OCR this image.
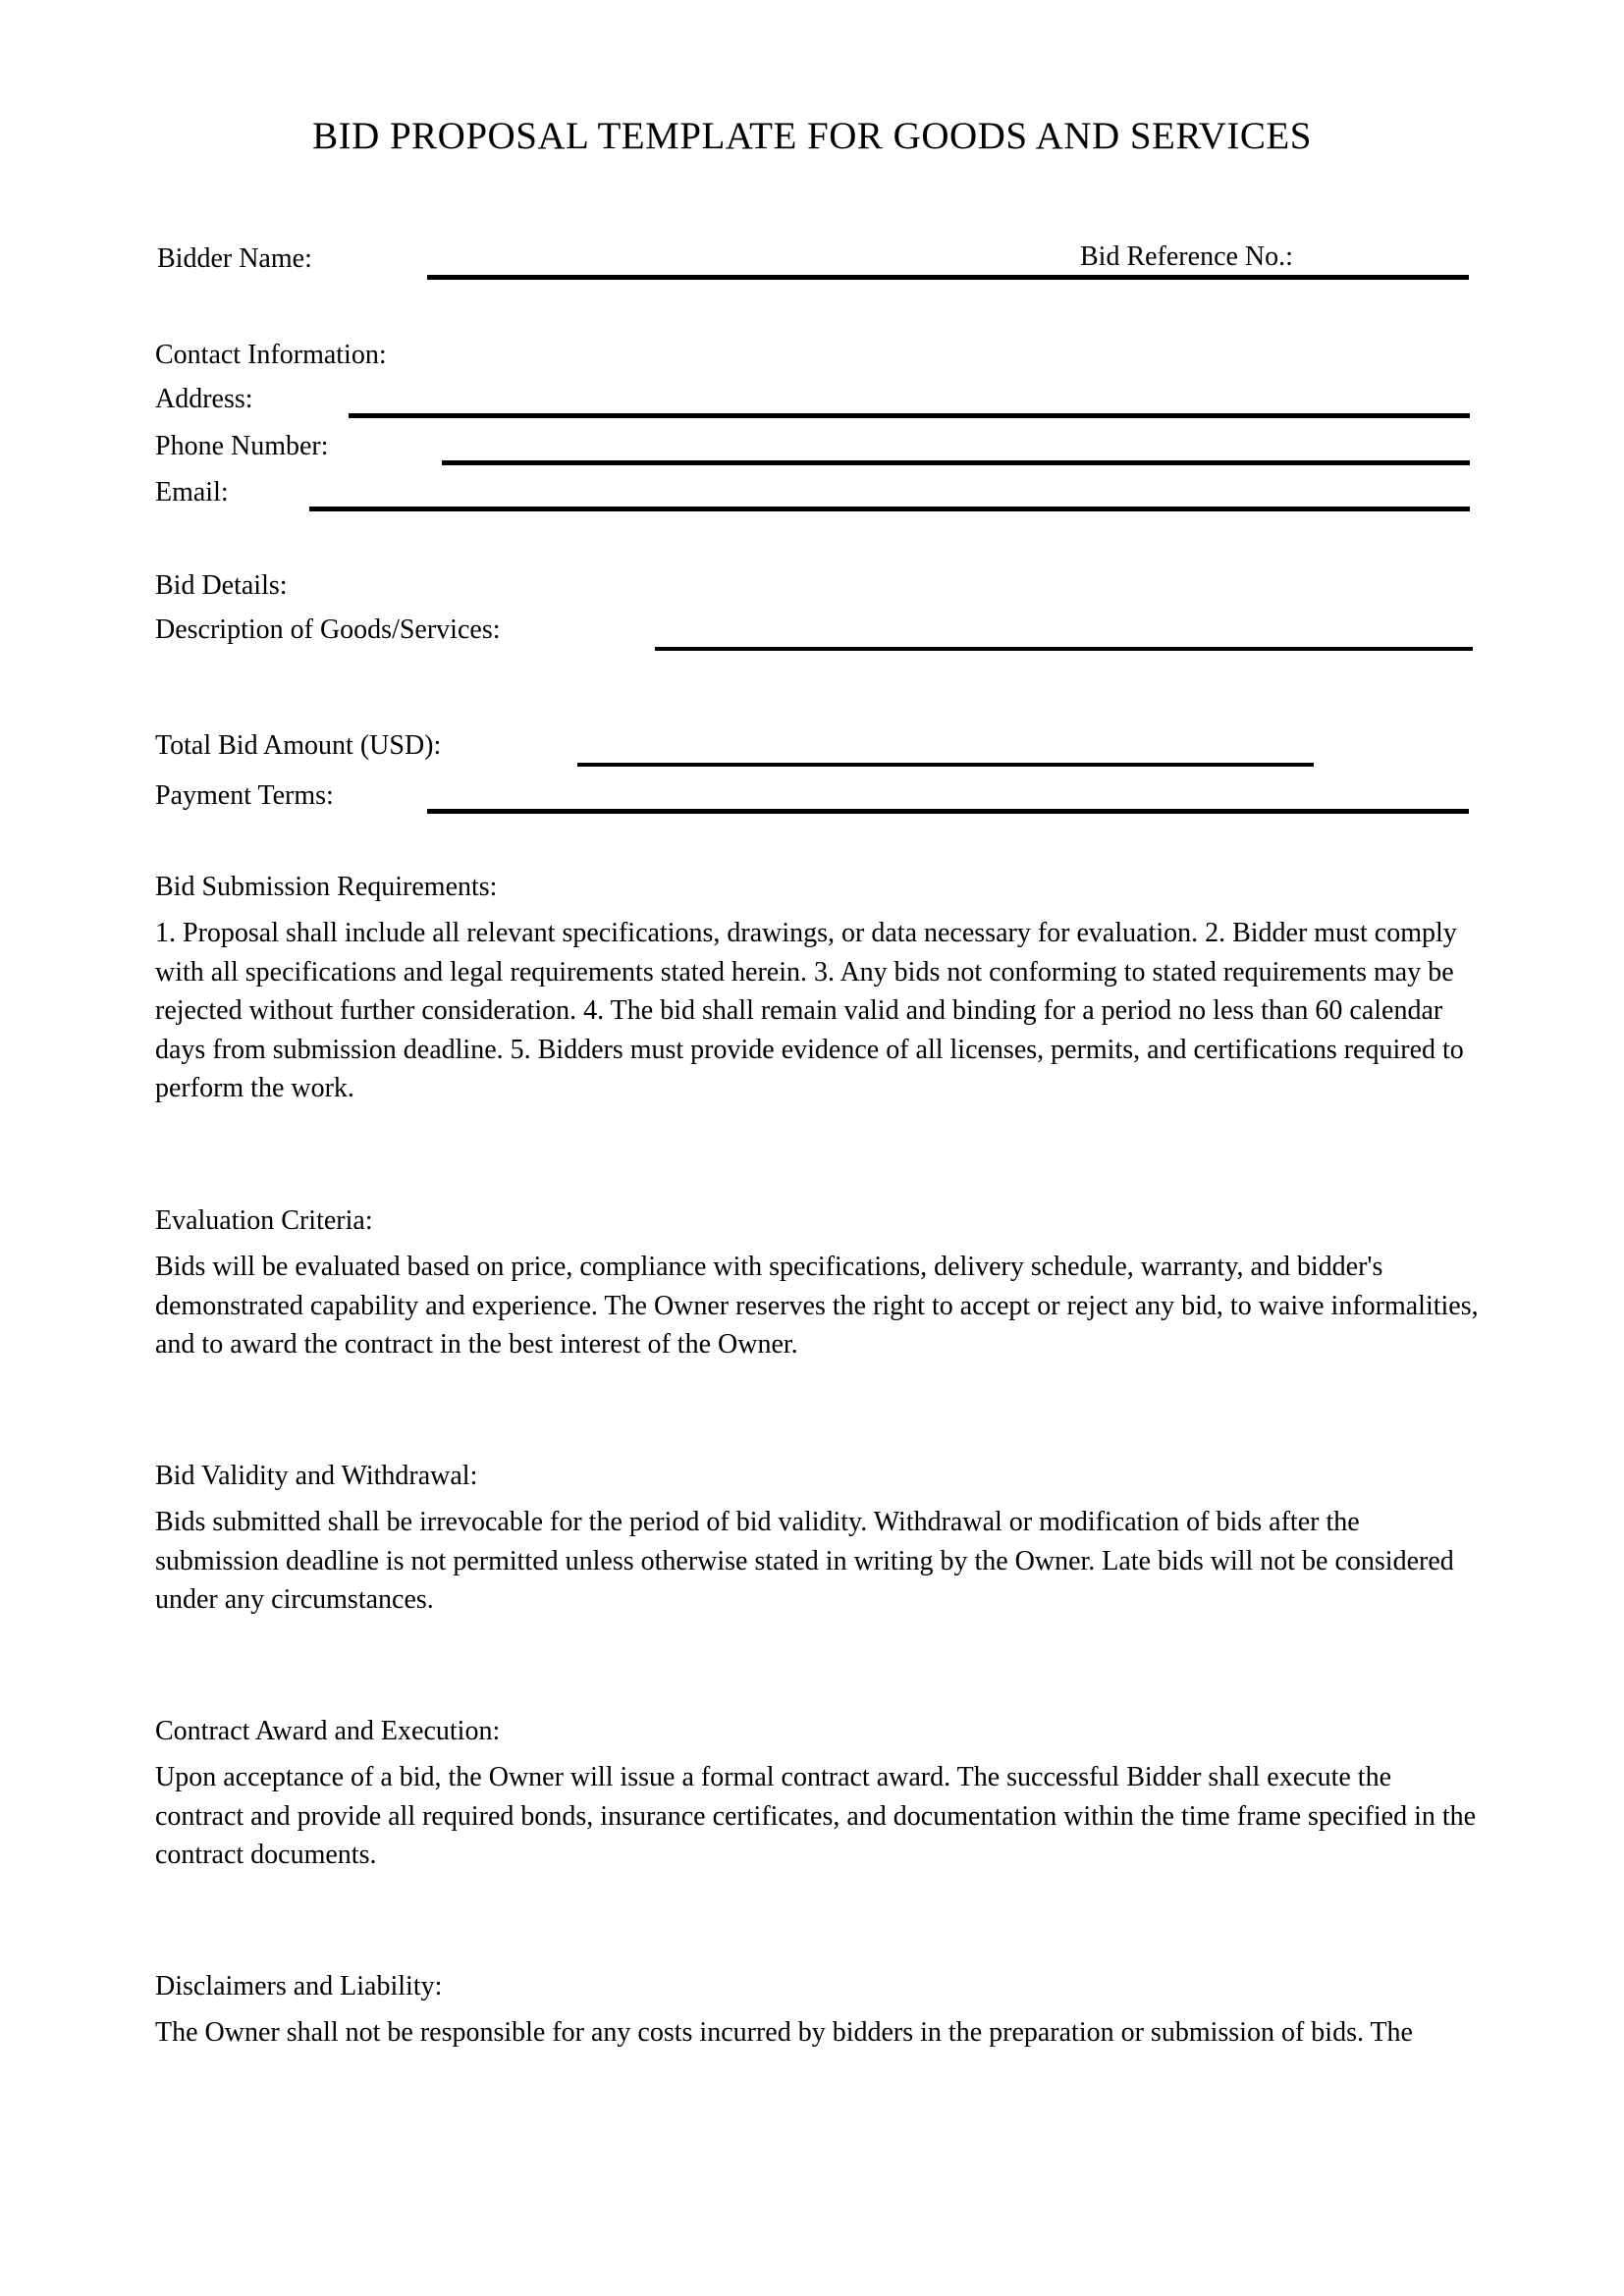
BID PROPOSAL TEMPLATE FOR GOODS AND SERVICES
Bidder Name:	Bid Reference No.:
Contact Information:
Address:
Phone Number:
Email:
Bid Details:
Description of Goods/Services:
Total Bid Amount (USD):
Payment Terms:
Bid Submission Requirements:

1. Proposal shall include all relevant specifications, drawings, or data necessary for evaluation. 2. Bidder must comply with all specifications and legal requirements stated herein. 3. Any bids not conforming to stated requirements may be rejected without further consideration. 4. The bid shall remain valid and binding for a period no less than 60 calendar days from submission deadline. 5. Bidders must provide evidence of all licenses, permits, and certifications required to perform the work.

Evaluation Criteria:

Bids will be evaluated based on price, compliance with specifications, delivery schedule, warranty, and bidder's demonstrated capability and experience. The Owner reserves the right to accept or reject any bid, to waive informalities, and to award the contract in the best interest of the Owner.

Bid Validity and Withdrawal:

Bids submitted shall be irrevocable for the period of bid validity. Withdrawal or modification of bids after the submission deadline is not permitted unless otherwise stated in writing by the Owner. Late bids will not be considered under any circumstances.

Contract Award and Execution:

Upon acceptance of a bid, the Owner will issue a formal contract award. The successful Bidder shall execute the contract and provide all required bonds, insurance certificates, and documentation within the time frame specified in the contract documents.

Disclaimers and Liability:

The Owner shall not be responsible for any costs incurred by bidders in the preparation or submission of bids. The
